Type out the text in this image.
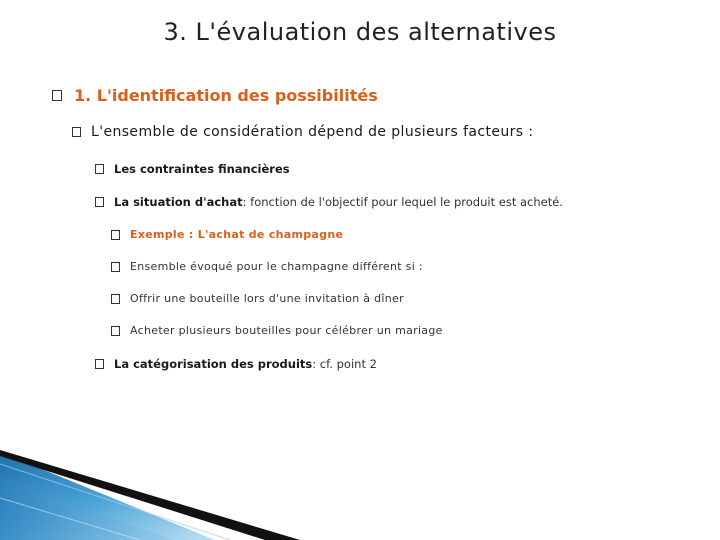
3. L'évaluation des alternatives
1. L'identification des possibilités
L'ensemble de considération dépend de plusieurs facteurs :
Les contraintes financières
La situation d'achat : fonction de l'objectif pour lequel le produit est acheté.
Exemple : L'achat de champagne
Ensemble évoqué pour le champagne différent si :
Offrir une bouteille lors d'une invitation à dîner
Acheter plusieurs bouteilles pour célébrer un mariage
La catégorisation des produits : cf. point 2
